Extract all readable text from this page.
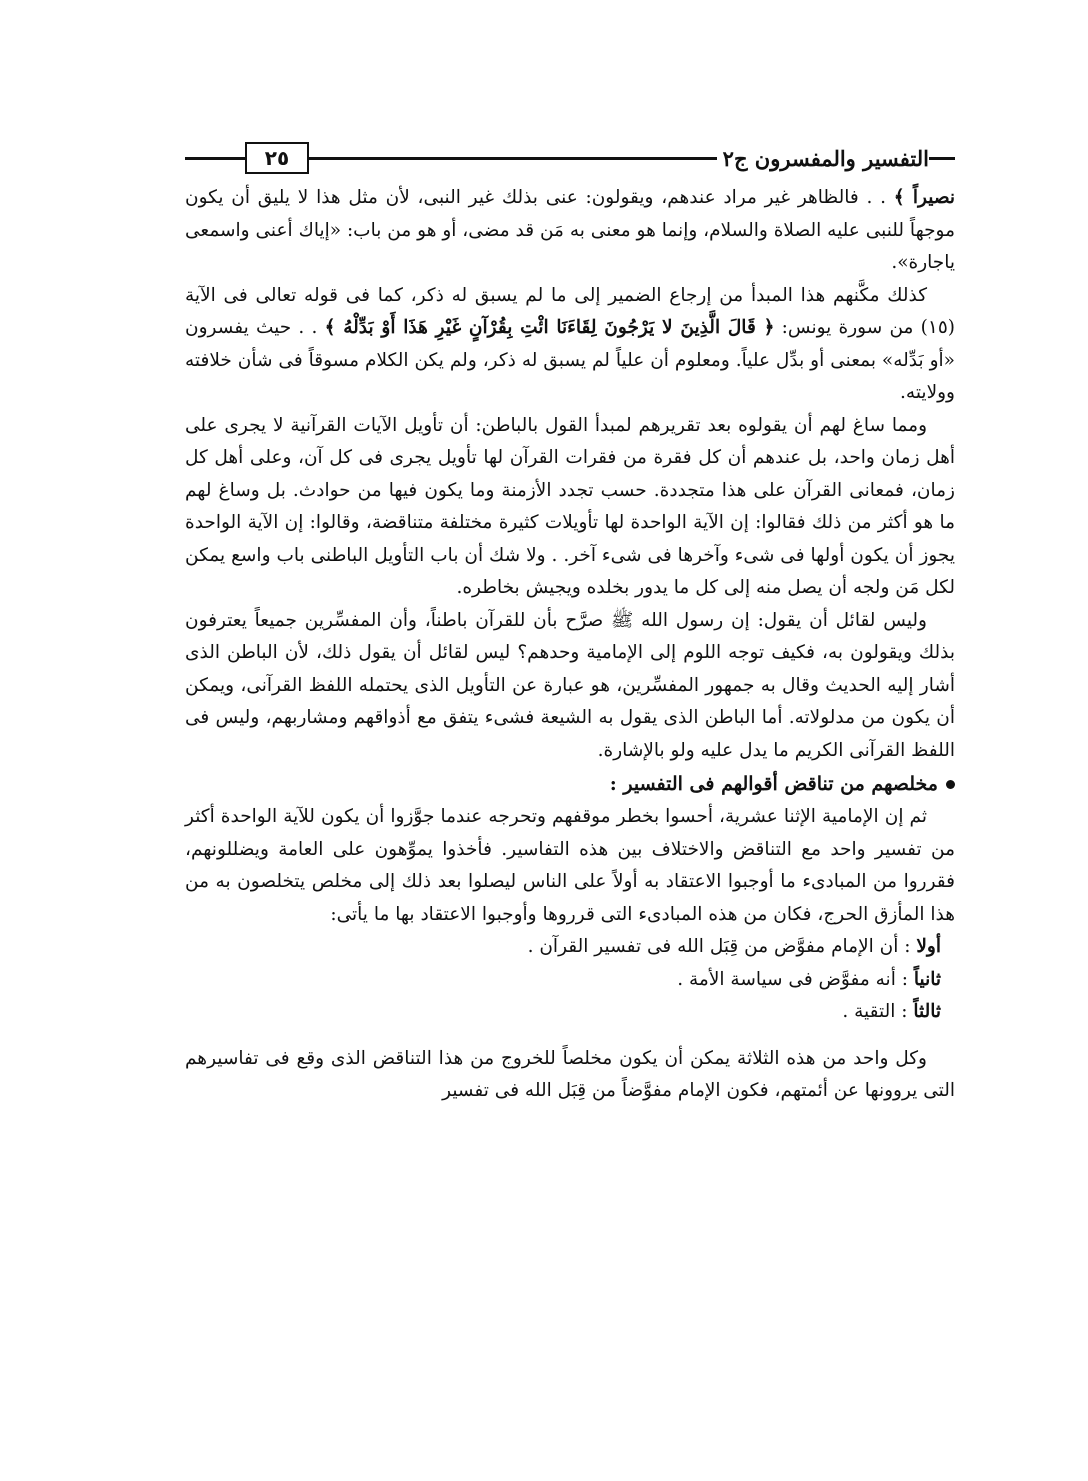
التفسير والمفسرون ج٢
٢٥

نصيراً ﴾ . . فالظاهر غير مراد عندهم، ويقولون: عنى بذلك غير النبى، لأن مثل هذا لا يليق أن يكون موجهاً للنبى عليه الصلاة والسلام، وإنما هو معنى به مَن قد مضى، أو هو من باب: «إياك أعنى واسمعى ياجارة».

كذلك مكَّنهم هذا المبدأ من إرجاع الضمير إلى ما لم يسبق له ذكر، كما فى قوله تعالى فى الآية (١٥) من سورة يونس: ﴿ قَالَ الَّذِينَ لا يَرْجُونَ لِقَاءَنَا ائْتِ بِقُرْآنٍ غَيْرِ هَذَا أَوْ بَدِّلْهُ ﴾ . . حيث يفسرون «أو بَدِّله» بمعنى أو بدِّل علياً. ومعلوم أن علياً لم يسبق له ذكر، ولم يكن الكلام مسوقاً فى شأن خلافته وولايته.

ومما ساغ لهم أن يقولوه بعد تقريرهم لمبدأ القول بالباطن: أن تأويل الآيات القرآنية لا يجرى على أهل زمان واحد، بل عندهم أن كل فقرة من فقرات القرآن لها تأويل يجرى فى كل آن، وعلى أهل كل زمان، فمعانى القرآن على هذا متجددة. حسب تجدد الأزمنة وما يكون فيها من حوادث. بل وساغ لهم ما هو أكثر من ذلك فقالوا: إن الآية الواحدة لها تأويلات كثيرة مختلفة متناقضة، وقالوا: إن الآية الواحدة يجوز أن يكون أولها فى شىء وآخرها فى شىء آخر. . ولا شك أن باب التأويل الباطنى باب واسع يمكن لكل مَن ولجه أن يصل منه إلى كل ما يدور بخلده ويجيش بخاطره.

وليس لقائل أن يقول: إن رسول الله ﷺ صرَّح بأن للقرآن باطناً، وأن المفسِّرين جميعاً يعترفون بذلك ويقولون به، فكيف توجه اللوم إلى الإمامية وحدهم؟ ليس لقائل أن يقول ذلك، لأن الباطن الذى أشار إليه الحديث وقال به جمهور المفسِّرين، هو عبارة عن التأويل الذى يحتمله اللفظ القرآنى، ويمكن أن يكون من مدلولاته. أما الباطن الذى يقول به الشيعة فشىء يتفق مع أذواقهم ومشاربهم، وليس فى اللفظ القرآنى الكريم ما يدل عليه ولو بالإشارة.

مخلصهم من تناقض أقوالهم فى التفسير :

ثم إن الإمامية الإثنا عشرية، أحسوا بخطر موقفهم وتحرجه عندما جوَّزوا أن يكون للآية الواحدة أكثر من تفسير واحد مع التناقض والاختلاف بين هذه التفاسير. فأخذوا يموِّهون على العامة ويضللونهم، فقرروا من المبادىء ما أوجبوا الاعتقاد به أولاً على الناس ليصلوا بعد ذلك إلى مخلص يتخلصون به من هذا المأزق الحرج، فكان من هذه المبادىء التى قرروها وأوجبوا الاعتقاد بها ما يأتى:

أولا : أن الإمام مفوَّض من قِبَل الله فى تفسير القرآن .
ثانياً : أنه مفوَّض فى سياسة الأمة .
ثالثاً : التقية .

وكل واحد من هذه الثلاثة يمكن أن يكون مخلصاً للخروج من هذا التناقض الذى وقع فى تفاسيرهم التى يروونها عن أئمتهم، فكون الإمام مفوَّضاً من قِبَل الله فى تفسير
